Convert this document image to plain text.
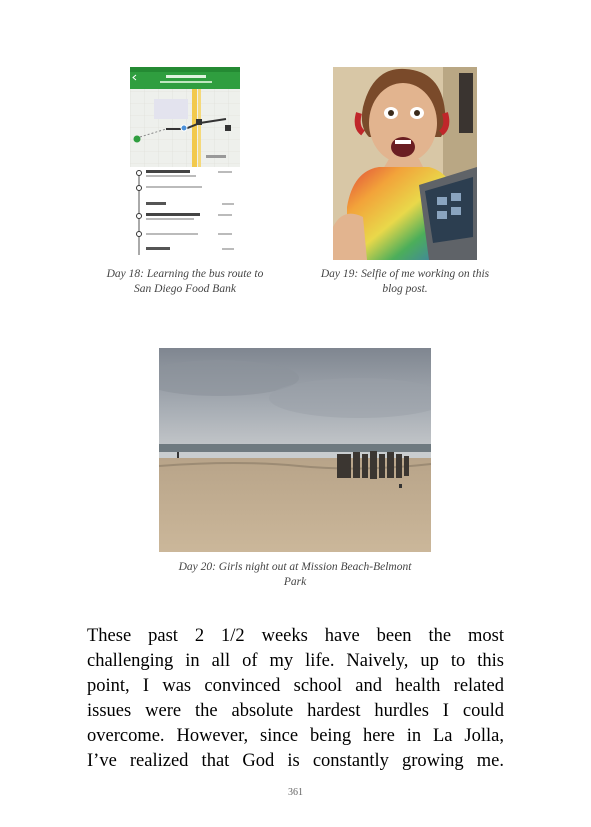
Day 18: Learning the bus route to
San Diego Food Bank
Day 19: Selfie of me working on this
blog post.
Day 20: Girls night out at Mission Beach-Belmont
Park
These past 2 1/2 weeks have been the most
challenging in all of my life. Naively, up to this
point, I was convinced school and health related
issues were the absolute hardest hurdles I could
overcome. However, since being here in La Jolla,
I’ve realized that God is constantly growing me.
361
